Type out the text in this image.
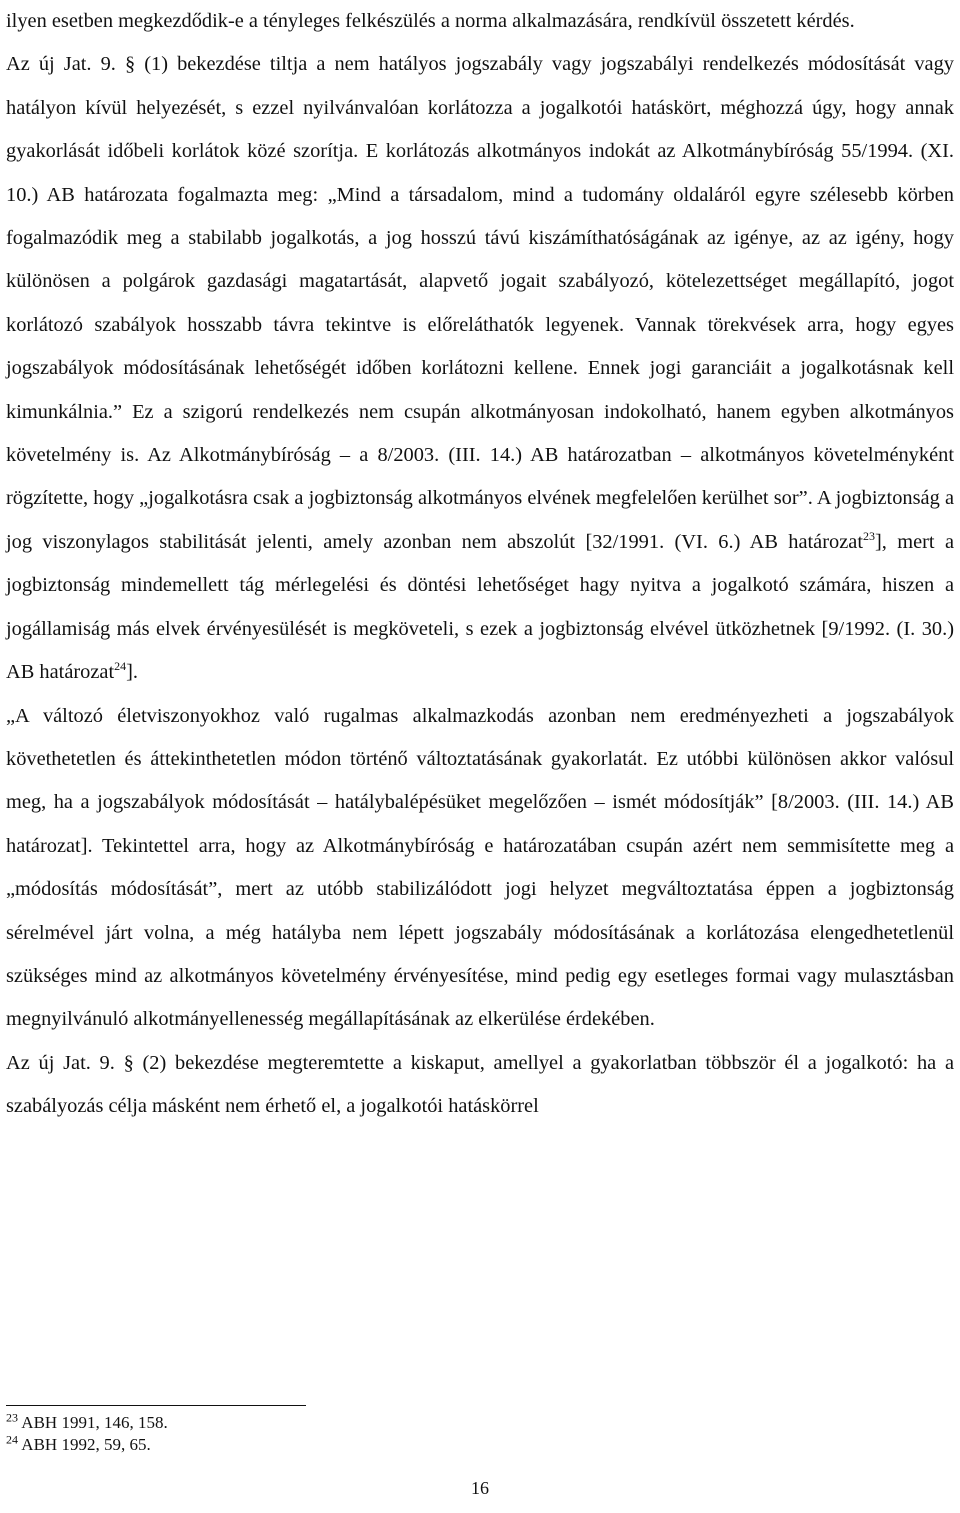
ilyen esetben megkezdődik-e a tényleges felkészülés a norma alkalmazására, rendkívül összetett kérdés.

Az új Jat. 9. § (1) bekezdése tiltja a nem hatályos jogszabály vagy jogszabályi rendelkezés módosítását vagy hatályon kívül helyezését, s ezzel nyilvánvalóan korlátozza a jogalkotói hatáskört, méghozzá úgy, hogy annak gyakorlását időbeli korlátok közé szorítja. E korlátozás alkotmányos indokát az Alkotmánybíróság 55/1994. (XI. 10.) AB határozata fogalmazta meg: „Mind a társadalom, mind a tudomány oldaláról egyre szélesebb körben fogalmazódik meg a stabilabb jogalkotás, a jog hosszú távú kiszámíthatóságának az igénye, az az igény, hogy különösen a polgárok gazdasági magatartását, alapvető jogait szabályozó, kötelezettséget megállapító, jogot korlátozó szabályok hosszabb távra tekintve is előreláthatók legyenek. Vannak törekvések arra, hogy egyes jogszabályok módosításának lehetőségét időben korlátozni kellene. Ennek jogi garanciáit a jogalkotásnak kell kimunkálnia.” Ez a szigorú rendelkezés nem csupán alkotmányosan indokolható, hanem egyben alkotmányos követelmény is. Az Alkotmánybíróság – a 8/2003. (III. 14.) AB határozatban – alkotmányos követelményként rögzítette, hogy „jogalkotásra csak a jogbiztonság alkotmányos elvének megfelelően kerülhet sor”. A jogbiztonság a jog viszonylagos stabilitását jelenti, amely azonban nem abszolút [32/1991. (VI. 6.) AB határozat$^{23}$], mert a jogbiztonság mindemellett tág mérlegelési és döntési lehetőséget hagy nyitva a jogalkotó számára, hiszen a jogállamiság más elvek érvényesülését is megköveteli, s ezek a jogbiztonság elvével ütközhetnek [9/1992. (I. 30.) AB határozat$^{24}$].

„A változó életviszonyokhoz való rugalmas alkalmazkodás azonban nem eredményezheti a jogszabályok követhetetlen és áttekinthetetlen módon történő változtatásának gyakorlatát. Ez utóbbi különösen akkor valósul meg, ha a jogszabályok módosítását – hatálybalépésüket megelőzően – ismét módosítják” [8/2003. (III. 14.) AB határozat]. Tekintettel arra, hogy az Alkotmánybíróság e határozatában csupán azért nem semmisítette meg a „módosítás módosítását”, mert az utóbb stabilizálódott jogi helyzet megváltoztatása éppen a jogbiztonság sérelmével járt volna, a még hatályba nem lépett jogszabály módosításának a korlátozása elengedhetetlenül szükséges mind az alkotmányos követelmény érvényesítése, mind pedig egy esetleges formai vagy mulasztásban megnyilvánuló alkotmányellenesség megállapításának az elkerülése érdekében.

Az új Jat. 9. § (2) bekezdése megteremtette a kiskaput, amellyel a gyakorlatban többször él a jogalkotó: ha a szabályozás célja másként nem érhető el, a jogalkotói hatáskörrel

$^{23}$ ABH 1991, 146, 158.

$^{24}$ ABH 1992, 59, 65.

16
